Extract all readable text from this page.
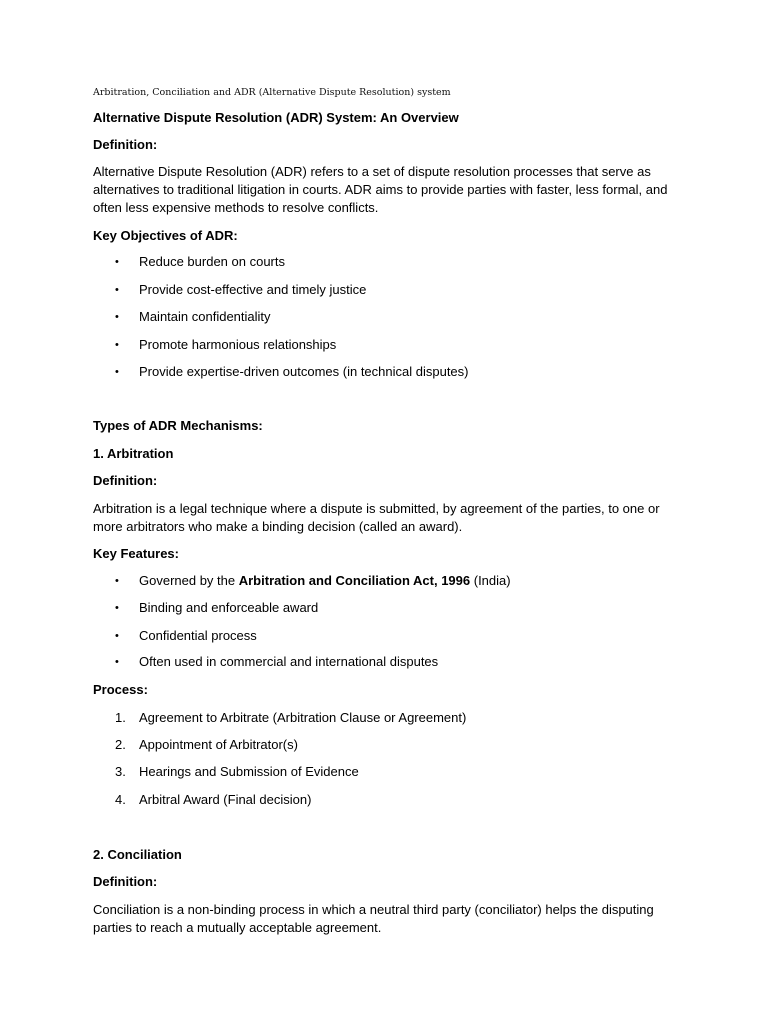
Arbitration, Conciliation and ADR (Alternative Dispute Resolution) system
Alternative Dispute Resolution (ADR) System: An Overview
Definition:
Alternative Dispute Resolution (ADR) refers to a set of dispute resolution processes that serve as alternatives to traditional litigation in courts. ADR aims to provide parties with faster, less formal, and often less expensive methods to resolve conflicts.
Key Objectives of ADR:
• Reduce burden on courts
• Provide cost-effective and timely justice
• Maintain confidentiality
• Promote harmonious relationships
• Provide expertise-driven outcomes (in technical disputes)
Types of ADR Mechanisms:
1. Arbitration
Definition:
Arbitration is a legal technique where a dispute is submitted, by agreement of the parties, to one or more arbitrators who make a binding decision (called an award).
Key Features:
• Governed by the Arbitration and Conciliation Act, 1996 (India)
• Binding and enforceable award
• Confidential process
• Often used in commercial and international disputes
Process:
1. Agreement to Arbitrate (Arbitration Clause or Agreement)
2. Appointment of Arbitrator(s)
3. Hearings and Submission of Evidence
4. Arbitral Award (Final decision)
2. Conciliation
Definition:
Conciliation is a non-binding process in which a neutral third party (conciliator) helps the disputing parties to reach a mutually acceptable agreement.
